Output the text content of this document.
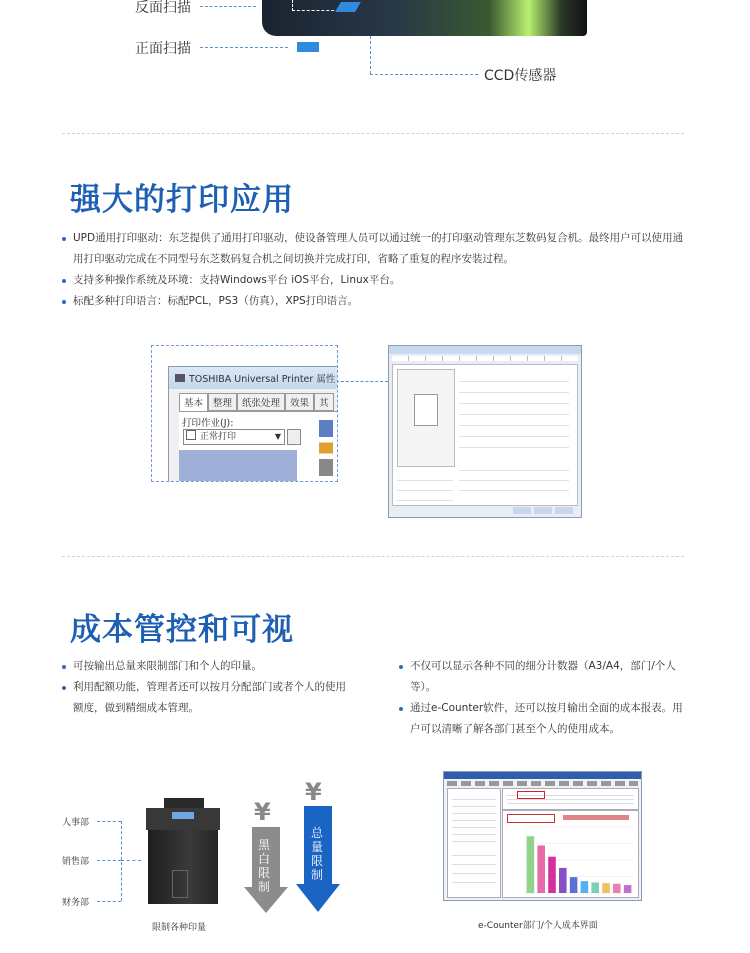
反面扫描
正面扫描
CCD传感器
强大的打印应用
UPD通用打印驱动：东芝提供了通用打印驱动，使设备管理人员可以通过统一的打印驱动管理东芝数码复合机。最终用户可以使用通用打印驱动完成在不同型号东芝数码复合机之间切换并完成打印，省略了重复的程序安装过程。
支持多种操作系统及环境：支持Windows平台 iOS平台，Linux平台。
标配多种打印语言：标配PCL，PS3（仿真），XPS打印语言。
TOSHIBA Universal Printer 属性
基本	整理	纸张处理	效果	其
打印作业(J):
正常打印	▼
成本管控和可视
可按输出总量来限制部门和个人的印量。
利用配额功能，管理者还可以按月分配部门或者个人的使用额度，做到精细成本管理。
不仅可以显示各种不同的细分计数器（A3/A4，部门/个人等）。
通过e-Counter软件，还可以按月输出全面的成本报表。用户可以清晰了解各部门甚至个人的使用成本。
人事部
销售部
财务部
限制各种印量
¥
¥
黑白限制
总量限制
e-Counter部门/个人成本界面
